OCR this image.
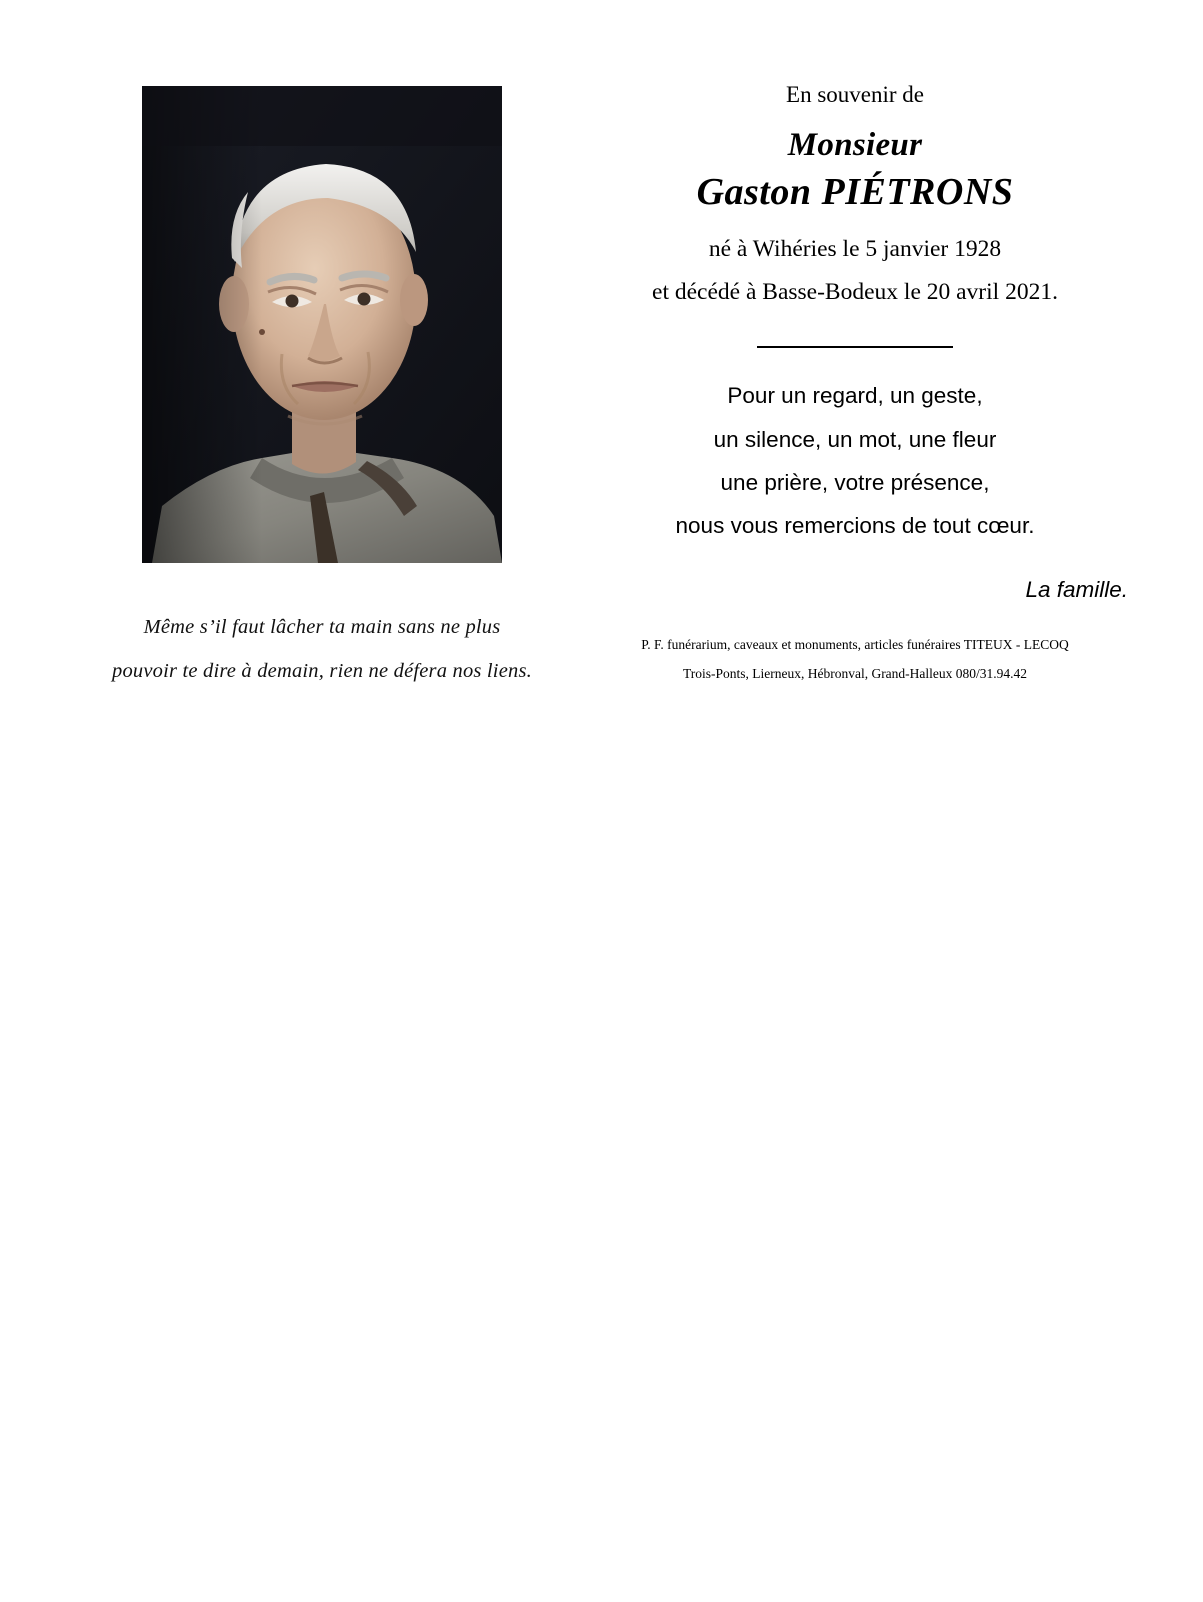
Même s’il faut lâcher ta main sans ne plus
pouvoir te dire à demain, rien ne défera nos liens.
En souvenir de
Monsieur
Gaston PIÉTRONS
né à Wihéries le 5 janvier 1928
et décédé à Basse-Bodeux le 20 avril 2021.
Pour un regard, un geste,
un silence, un mot, une fleur
une prière, votre présence,
nous vous remercions de tout cœur.
La famille.
P. F. funérarium, caveaux et monuments, articles funéraires TITEUX - LECOQ
Trois-Ponts, Lierneux, Hébronval, Grand-Halleux 080/31.94.42
